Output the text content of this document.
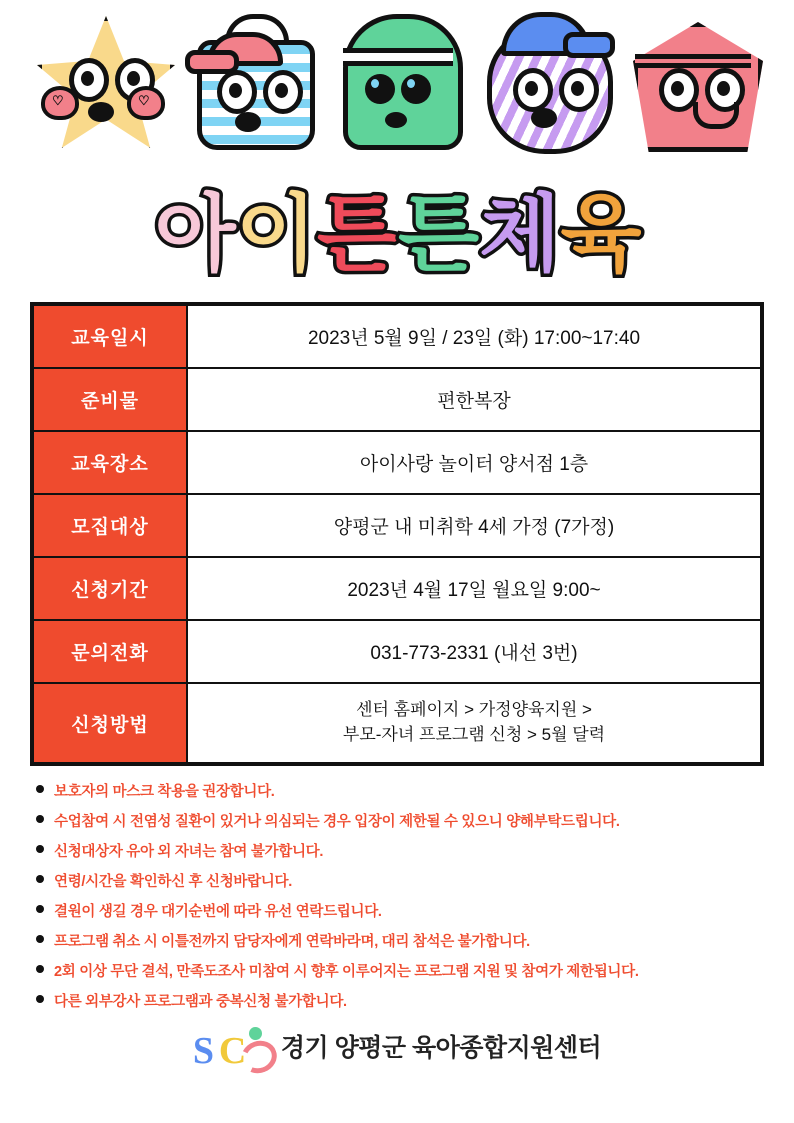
♡	♡
아 이 튼 튼 체 육
교육일시	2023년 5월 9일 / 23일 (화) 17:00~17:40
준비물	편한복장
교육장소	아이사랑 놀이터 양서점 1층
모집대상	양평군 내 미취학 4세 가정 (7가정)
신청기간	2023년 4월 17일 월요일 9:00~
문의전화	031-773-2331 (내선 3번)
신청방법	센터 홈페이지 > 가정양육지원 >
부모-자녀 프로그램 신청 > 5월 달력
보호자의 마스크 착용을 권장합니다.
수업참여 시 전염성 질환이 있거나 의심되는 경우 입장이 제한될 수 있으니 양해부탁드립니다.
신청대상자 유아 외 자녀는 참여 불가합니다.
연령/시간을 확인하신 후 신청바랍니다.
결원이 생길 경우 대기순번에 따라 유선 연락드립니다.
프로그램 취소 시 이틀전까지 담당자에게 연락바라며, 대리 참석은 불가합니다.
2회 이상 무단 결석, 만족도조사 미참여 시 향후 이루어지는 프로그램 지원 및 참여가 제한됩니다.
다른 외부강사 프로그램과 중복신청 불가합니다.
S C 경기 양평군 육아종합지원센터
